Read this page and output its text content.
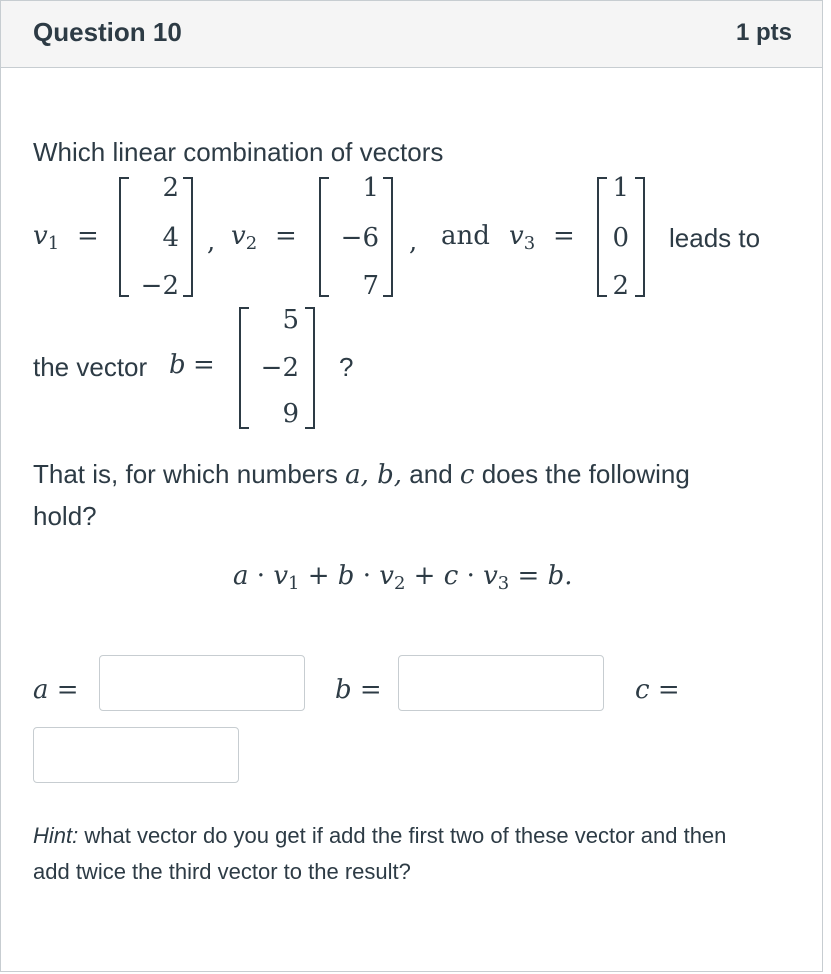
Question 10	1 pts
Which linear combination of vectors
$v_1$ =
2
4
−2
, $v_2$ =
1
−6
7
, and $v_3$ =
1
0
2
leads to
the vector b =
5
−2
9
?
That is, for which numbers a, b, and c does the following
hold?
$a \cdot v_1 + b \cdot v_2 + c \cdot v_3 = b$.
a =	b =	c =
Hint: what vector do you get if add the first two of these vector and then
add twice the third vector to the result?
